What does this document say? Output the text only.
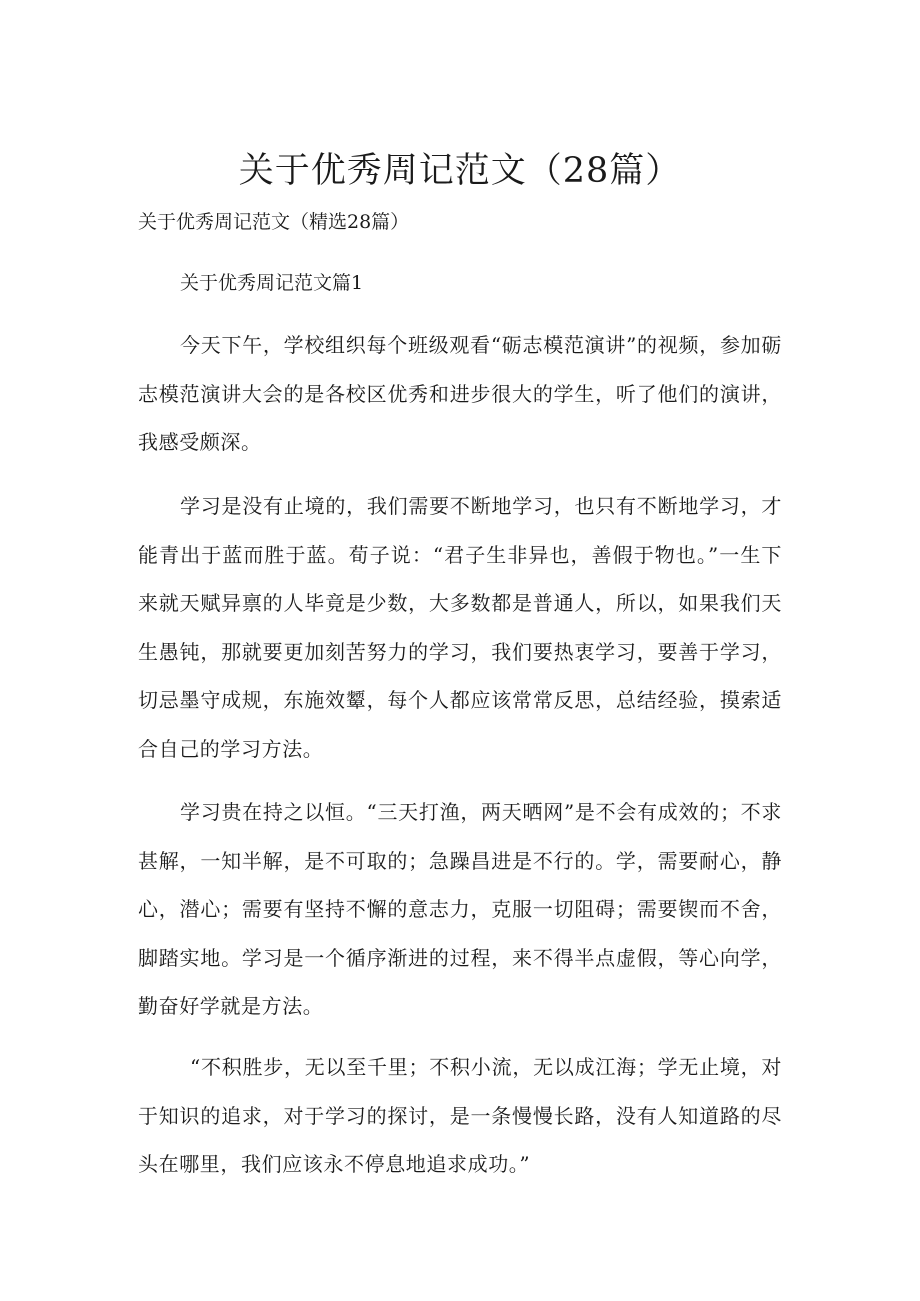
关于优秀周记范文（28篇）

关于优秀周记范文（精选28篇）

关于优秀周记范文篇1

今天下午，学校组织每个班级观看“砺志模范演讲”的视频，参加砺志模范演讲大会的是各校区优秀和进步很大的学生，听了他们的演讲，我感受颇深。

学习是没有止境的，我们需要不断地学习，也只有不断地学习，才能青出于蓝而胜于蓝。荀子说：“君子生非异也，善假于物也。”一生下来就天赋异禀的人毕竟是少数，大多数都是普通人，所以，如果我们天生愚钝，那就要更加刻苦努力的学习，我们要热衷学习，要善于学习，切忌墨守成规，东施效颦，每个人都应该常常反思，总结经验，摸索适合自己的学习方法。

学习贵在持之以恒。“三天打渔，两天晒网”是不会有成效的；不求甚解，一知半解，是不可取的；急躁昌进是不行的。学，需要耐心，静心，潜心；需要有坚持不懈的意志力，克服一切阻碍；需要锲而不舍，脚踏实地。学习是一个循序渐进的过程，来不得半点虚假，等心向学，勤奋好学就是方法。

“不积胜步，无以至千里；不积小流，无以成江海；学无止境，对于知识的追求，对于学习的探讨，是一条慢慢长路，没有人知道路的尽头在哪里，我们应该永不停息地追求成功。”
